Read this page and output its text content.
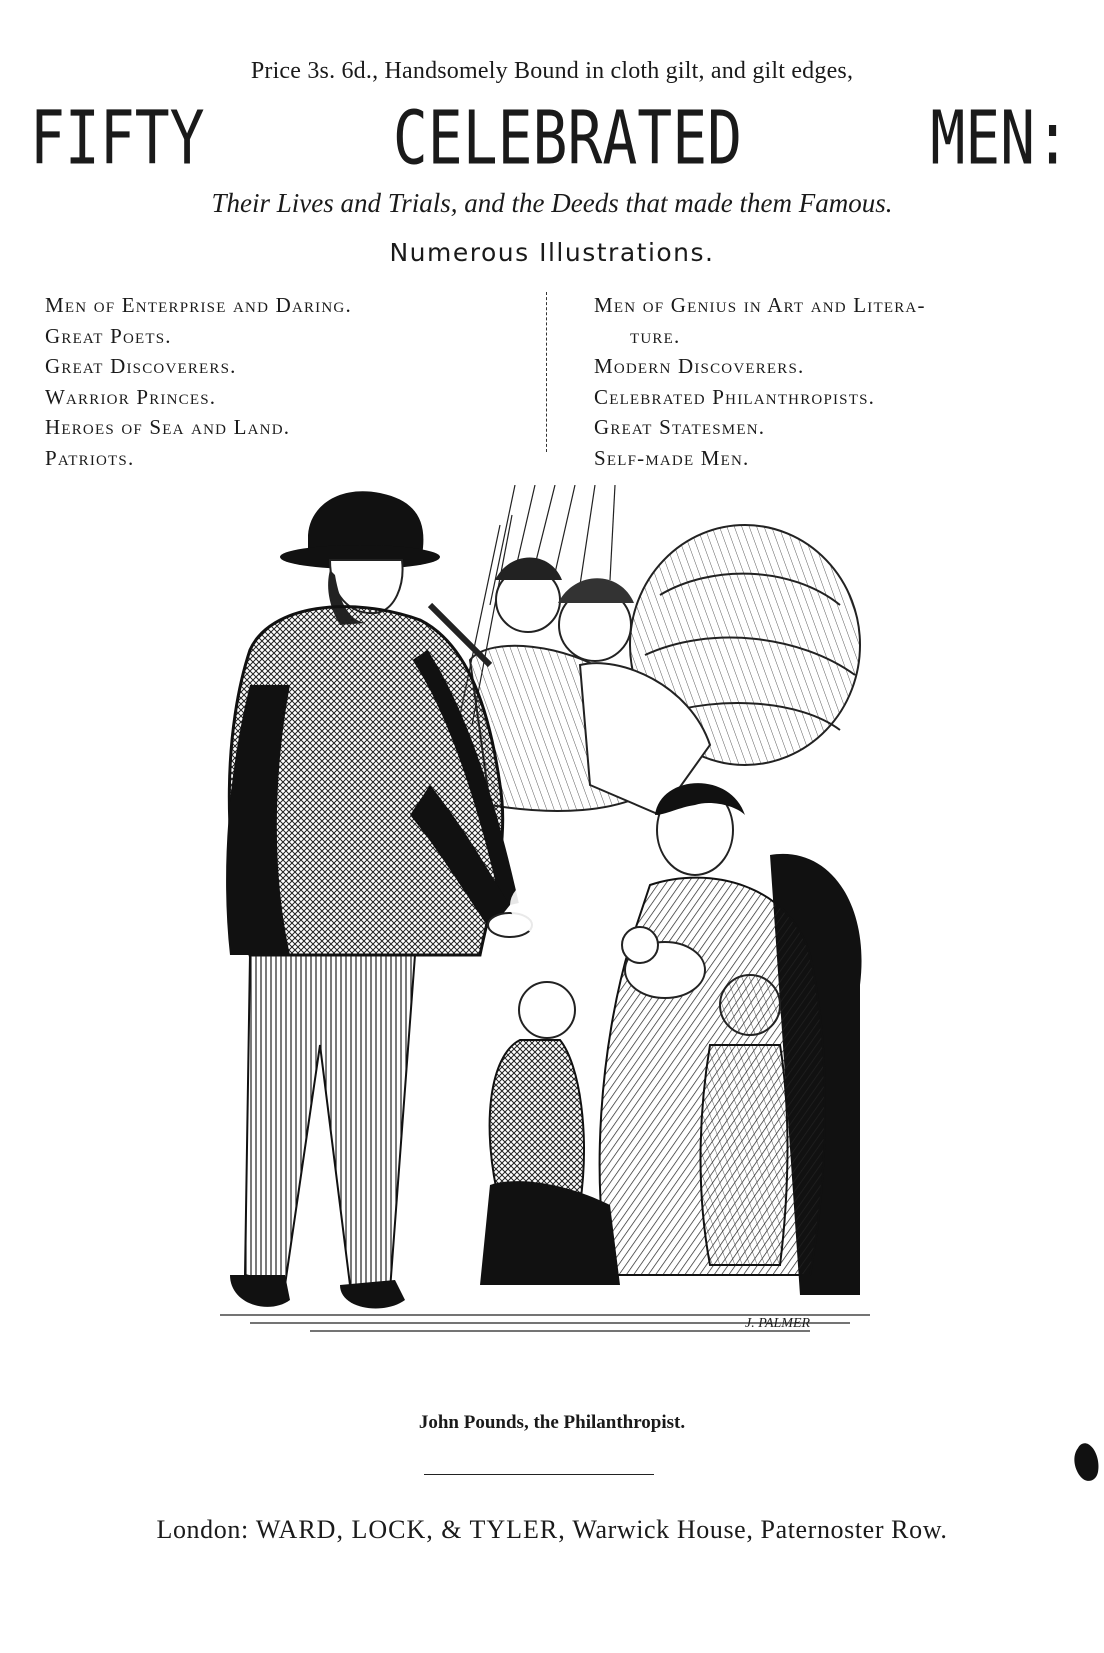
Price 3s. 6d., Handsomely Bound in cloth gilt, and gilt edges,
FIFTY	CELEBRATED	MEN:
Their Lives and Trials, and the Deeds that made them Famous.
Numerous Illustrations.
Men of Enterprise and Daring.
Great Poets.
Great Discoverers.
Warrior Princes.
Heroes of Sea and Land.
Patriots.
Men of Genius in Art and Litera-
ture.
Modern Discoverers.
Celebrated Philanthropists.
Great Statesmen.
Self-made Men.
J. PALMER
John Pounds, the Philanthropist.
London: WARD, LOCK, & TYLER, Warwick House, Paternoster Row.
